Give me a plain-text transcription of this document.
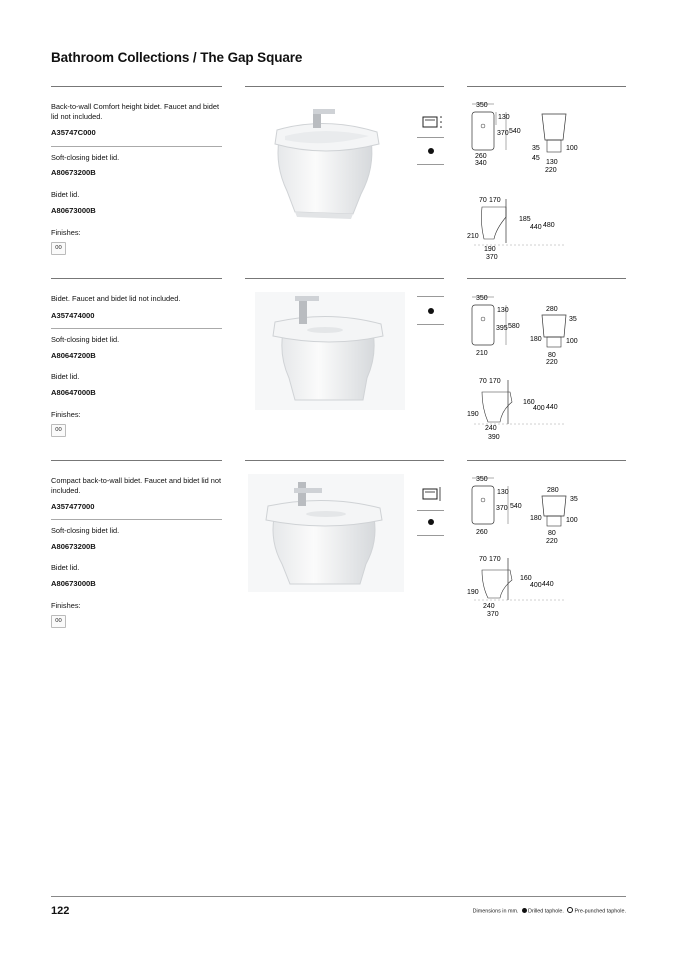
Bathroom Collections / The Gap Square
Back-to-wall Comfort height bidet. Faucet and bidet lid not included.
A35747C000
Soft-closing bidet lid.
A80673200B
Bidet lid.
A80673000B
Finishes:
00
350
130
370 540
260
340
35	100
45
130
220
70 170
185
440 480
210
190
370
Bidet. Faucet and bidet lid not included.
A357474000
Soft-closing bidet lid.
A80647200B
Bidet lid.
A80647000B
Finishes:
00
350
130
395 580
210
280
35
180	100
80
220
70 170
160
400 440
190
240
390
Compact back-to-wall bidet. Faucet and bidet lid not included.
A357477000
Soft-closing bidet lid.
A80673200B
Bidet lid.
A80673000B
Finishes:
00
350
130
370 540
260
280
35
180	100
80
220
70 170
160
400 440
190
240
370
122	Dimensions in mm. Drilled taphole. Pre-punched taphole.
